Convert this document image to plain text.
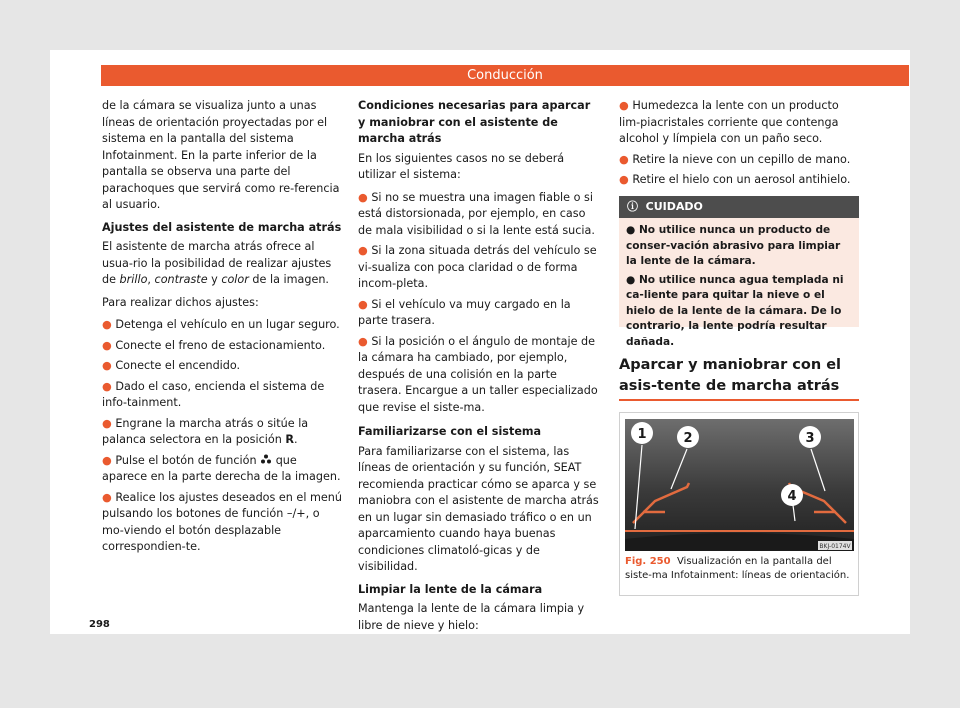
Conducción

de la cámara se visualiza junto a unas líneas de orientación proyectadas por el sistema en la pantalla del sistema Infotainment. En la parte inferior de la pantalla se observa una parte del parachoques que servirá como re‑ferencia al usuario.

Ajustes del asistente de marcha atrás

El asistente de marcha atrás ofrece al usua‑rio la posibilidad de realizar ajustes de brillo, contraste y color de la imagen.

Para realizar dichos ajustes:

● Detenga el vehículo en un lugar seguro.
● Conecte el freno de estacionamiento.
● Conecte el encendido.
● Dado el caso, encienda el sistema de info‑tainment.
● Engrane la marcha atrás o sitúe la palanca selectora en la posición R.
● Pulse el botón de función  que aparece en la parte derecha de la imagen.
● Realice los ajustes deseados en el menú pulsando los botones de función –/+, o mo‑viendo el botón desplazable correspondien‑te.

Condiciones necesarias para aparcar y maniobrar con el asistente de marcha atrás

En los siguientes casos no se deberá utilizar el sistema:

● Si no se muestra una imagen fiable o si está distorsionada, por ejemplo, en caso de mala visibilidad o si la lente está sucia.
● Si la zona situada detrás del vehículo se vi‑sualiza con poca claridad o de forma incom‑pleta.
● Si el vehículo va muy cargado en la parte trasera.
● Si la posición o el ángulo de montaje de la cámara ha cambiado, por ejemplo, después de una colisión en la parte trasera. Encargue a un taller especializado que revise el siste‑ma.

Familiarizarse con el sistema

Para familiarizarse con el sistema, las líneas de orientación y su función, SEAT recomienda practicar cómo se aparca y se maniobra con el asistente de marcha atrás en un lugar sin demasiado tráfico o en un aparcamiento cuando haya buenas condiciones climatoló‑gicas y de visibilidad.

Limpiar la lente de la cámara

Mantenga la lente de la cámara limpia y libre de nieve y hielo:

● Humedezca la lente con un producto lim‑piacristales corriente que contenga alcohol y límpiela con un paño seco.
● Retire la nieve con un cepillo de mano.
● Retire el hielo con un aerosol antihielo.
ⓘ CUIDADO
● No utilice nunca un producto de conser‑vación abrasivo para limpiar la lente de la cámara.
● No utilice nunca agua templada ni ca‑liente para quitar la nieve o el hielo de la lente de la cámara. De lo contrario, la lente podría resultar dañada.
Aparcar y maniobrar con el asis‑tente de marcha atrás
1	2	3
4
BKJ-0174V
Fig. 250 Visualización en la pantalla del siste‑ma Infotainment: líneas de orientación.
298
